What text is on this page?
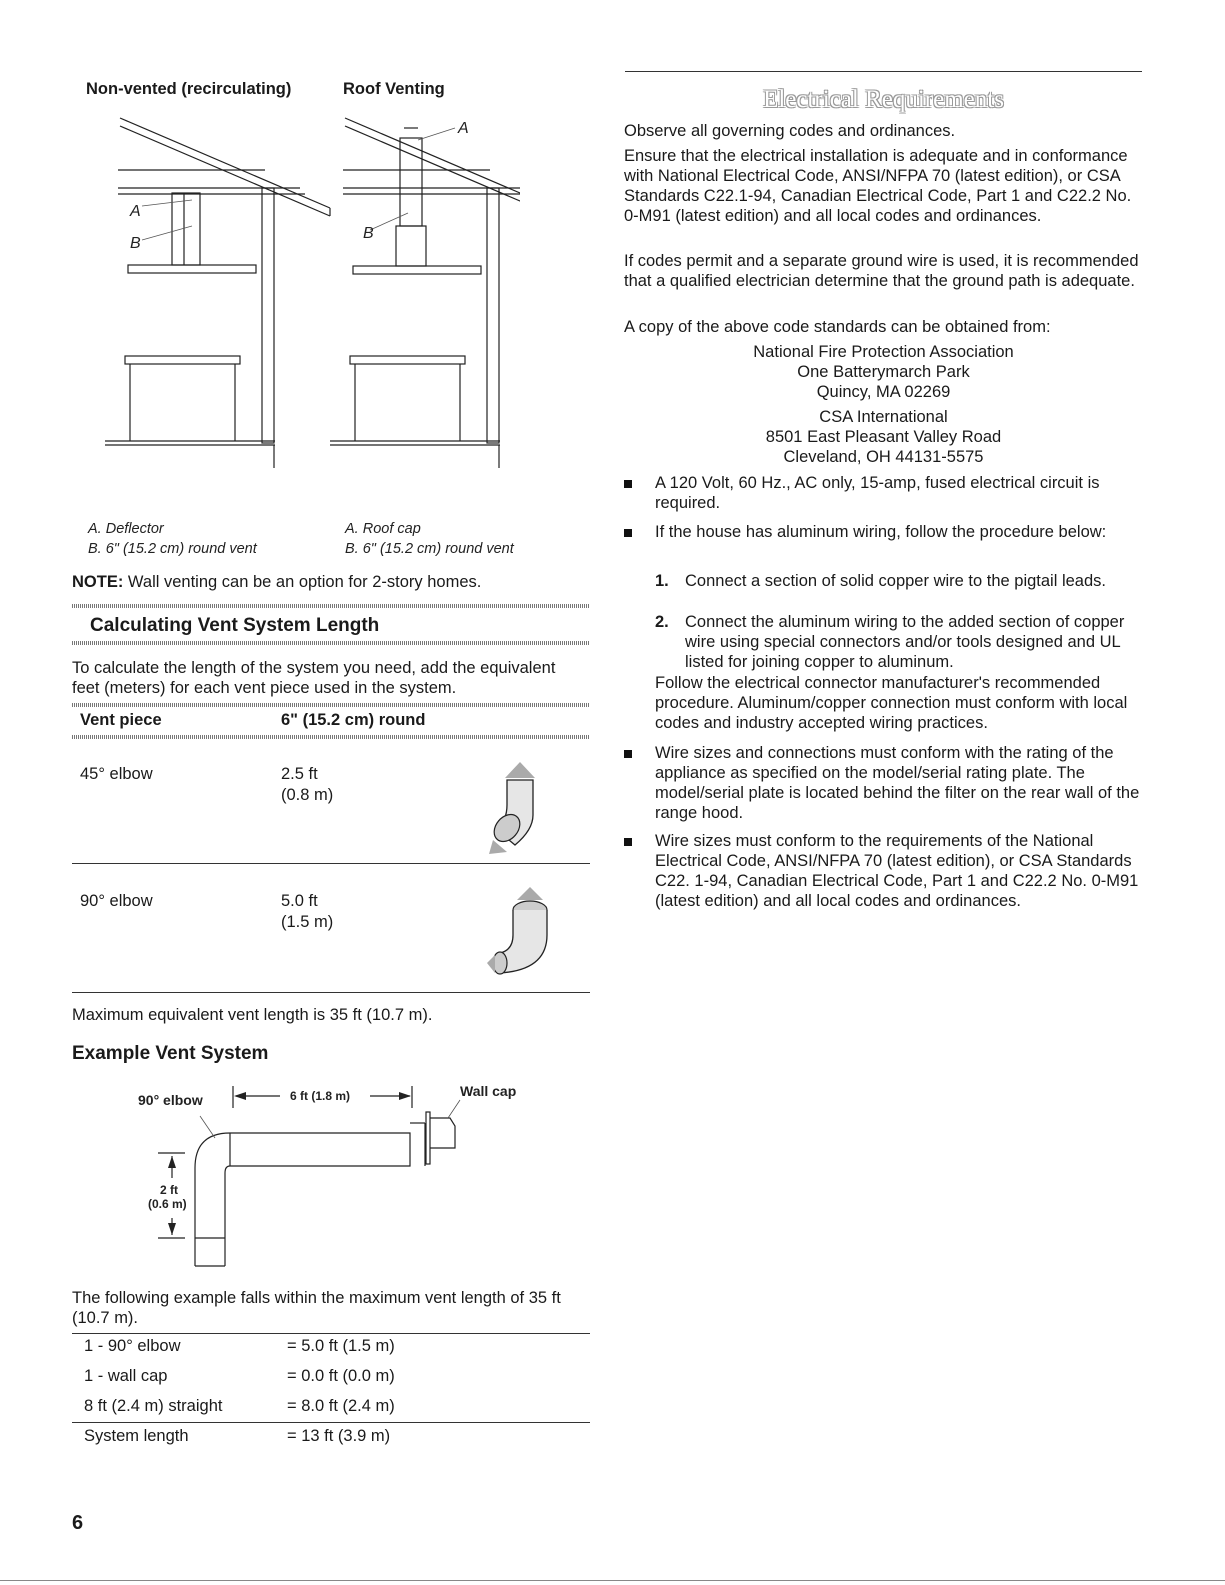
Non-vented (recirculating)	Roof Venting
A
B
A
B
A. Deflector
B. 6" (15.2 cm) round vent
A. Roof cap
B. 6" (15.2 cm) round vent
NOTE: Wall venting can be an option for 2-story homes.
Calculating Vent System Length
To calculate the length of the system you need, add the equivalent feet (meters) for each vent piece used in the system.
Vent piece	6" (15.2 cm) round
45° elbow	2.5 ft
(0.8 m)
90° elbow	5.0 ft
(1.5 m)
Maximum equivalent vent length is 35 ft (10.7 m).
Example Vent System
90° elbow	6 ft (1.8 m)	Wall cap
2 ft
(0.6 m)
The following example falls within the maximum vent length of 35 ft (10.7 m).
1 - 90° elbow	= 5.0 ft (1.5 m)
1 - wall cap	= 0.0 ft (0.0 m)
8 ft (2.4 m) straight	= 8.0 ft (2.4 m)
System length	= 13 ft (3.9 m)
6
Electrical Requirements
Observe all governing codes and ordinances.
Ensure that the electrical installation is adequate and in conformance with National Electrical Code, ANSI/NFPA 70 (latest edition), or CSA Standards C22.1-94, Canadian Electrical Code, Part 1 and C22.2 No. 0-M91 (latest edition) and all local codes and ordinances.
If codes permit and a separate ground wire is used, it is recommended that a qualified electrician determine that the ground path is adequate.
A copy of the above code standards can be obtained from:
National Fire Protection Association
One Batterymarch Park
Quincy, MA 02269
CSA International
8501 East Pleasant Valley Road
Cleveland, OH 44131-5575
A 120 Volt, 60 Hz., AC only, 15-amp, fused electrical circuit is required.
If the house has aluminum wiring, follow the procedure below:
1. Connect a section of solid copper wire to the pigtail leads.
2. Connect the aluminum wiring to the added section of copper wire using special connectors and/or tools designed and UL listed for joining copper to aluminum.
Follow the electrical connector manufacturer's recommended procedure. Aluminum/copper connection must conform with local codes and industry accepted wiring practices.
Wire sizes and connections must conform with the rating of the appliance as specified on the model/serial rating plate. The model/serial plate is located behind the filter on the rear wall of the range hood.
Wire sizes must conform to the requirements of the National Electrical Code, ANSI/NFPA 70 (latest edition), or CSA Standards C22. 1-94, Canadian Electrical Code, Part 1 and C22.2 No. 0-M91 (latest edition) and all local codes and ordinances.
